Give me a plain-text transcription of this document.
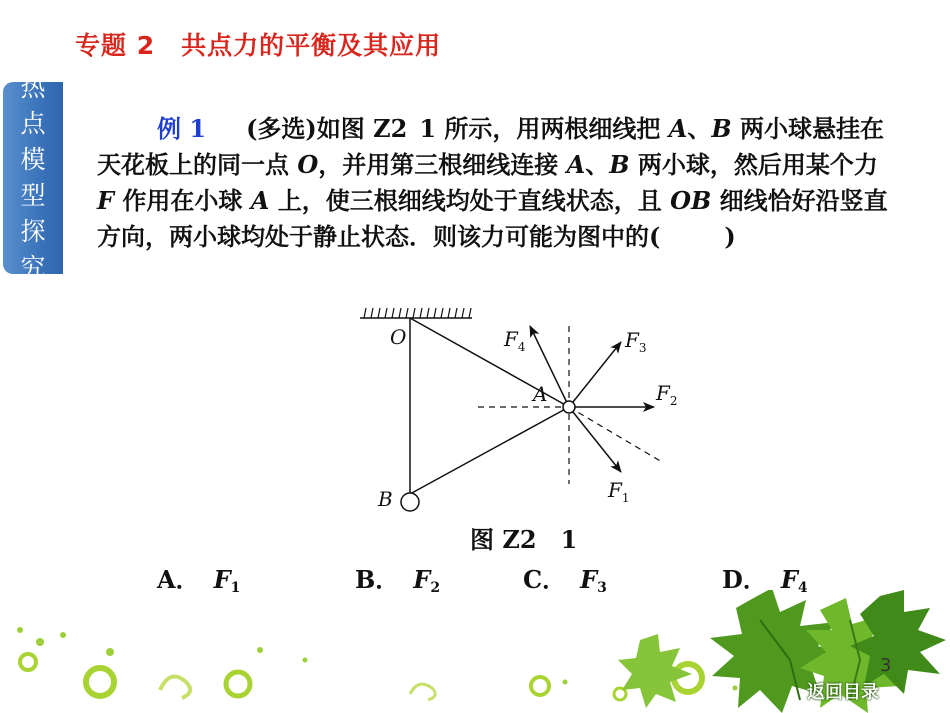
专题 2 共点力的平衡及其应用
热
点
模
型
探
究

例 1 (多选)如图 Z2 1 所示，用两根细线把 A、B 两小球悬挂在天花板上的同一点 O，并用第三根细线连接 A、B 两小球，然后用某个力 F 作用在小球 A 上，使三根细线均处于直线状态，且 OB 细线恰好沿竖直方向，两小球均处于静止状态．则该力可能为图中的(	)

O
A
B	$F_1$
$F_2$
$F_3$
$F_4$
图 Z2　1
A． $F_1$	B． $F_2$	C． $F_3$	D． $F_4$
3
返回目录
